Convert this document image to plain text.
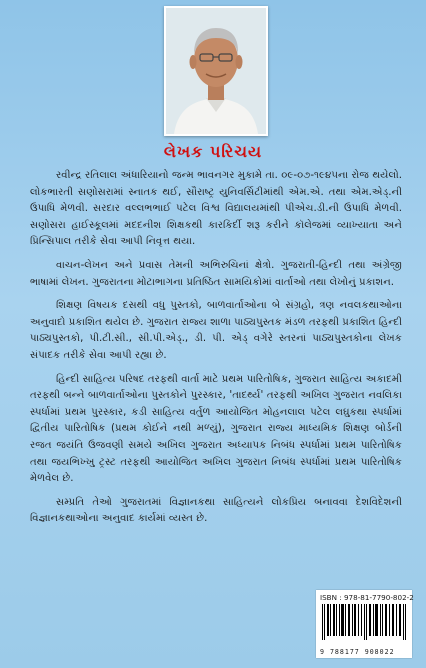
લેખક પરિચય

રવીન્દ્ર રતિલાલ અંધારિયાનો જન્મ ભાવનગર મુકામે તા. ૦૯-૦૭-૧૯૪૫ના રોજ થયેલો. લોકભારતી સણોસરામાં સ્નાતક થઈ, સૌરાષ્ટ્ર યુનિવર્સિટીમાંથી એમ.એ. તથા એમ.એડ્.ની ઉપાધિ મેળવી. સરદાર વલ્લભભાઈ પટેલ વિશ્વ વિદ્યાલયમાંથી પીએચ.ડી.ની ઉપાધિ મેળવી. સણોસરા હાઈસ્કૂલમાં મદદનીશ શિક્ષકથી કારકિર્દી શરૂ કરીને કૉલેજમાં વ્યાખ્યાતા અને પ્રિન્સિપાલ તરીકે સેવા આપી નિવૃત્ત થયા.

વાચન-લેખન અને પ્રવાસ તેમની અભિરુચિનાં ક્ષેત્રો. ગુજરાતી-હિન્દી તથા અંગ્રેજી ભાષામાં લેખન. ગુજરાતના મોટાભાગના પ્રતિષ્ઠિત સામયિકોમાં વાર્તાઓ તથા લેખોનું પ્રકાશન.

શિક્ષણ વિષયક દસથી વધુ પુસ્તકો, બાળવાર્તાઓના બે સંગ્રહો, ત્રણ નવલકથાઓના અનુવાદો પ્રકાશિત થયેલ છે. ગુજરાત રાજ્ય શાળા પાઠ્યપુસ્તક મંડળ તરફથી પ્રકાશિત હિન્દી પાઠ્યપુસ્તકો, પી.ટી.સી., સી.પી.એડ્., ડી. પી. એડ્ વગેરે સ્તરનાં પાઠ્યપુસ્તકોના લેખક સંપાદક તરીકે સેવા આપી રહ્યા છે.

હિન્દી સાહિત્ય પરિષદ તરફથી વાર્તા માટે પ્રથમ પારિતોષિક, ગુજરાત સાહિત્ય અકાદમી તરફથી બન્ને બાળવાર્તાઓના પુસ્તકોને પુરસ્કાર, 'તાદર્થ્ય' તરફથી અખિલ ગુજરાત નવલિકા સ્પર્ધામાં પ્રથમ પુરસ્કાર, કડી સાહિત્ય વર્તુળ આયોજિત મોહનલાલ પટેલ લઘુકથા સ્પર્ધામાં દ્વિતીય પારિતોષિક (પ્રથમ કોઈને નથી મળ્યું), ગુજરાત રાજ્ય માધ્યમિક શિક્ષણ બોર્ડની રજત જયંતિ ઉજવણી સમયે અખિલ ગુજરાત અધ્યાપક નિબંધ સ્પર્ધામાં પ્રથમ પારિતોષિક તથા જયભિખ્ખુ ટ્રસ્ટ તરફથી આયોજિત અખિલ ગુજરાત નિબંધ સ્પર્ધામાં પ્રથમ પારિતોષિક મેળવેલ છે.

સમ્પ્રતિ તેઓ ગુજરાતમાં વિજ્ઞાનકથા સાહિત્યને લોકપ્રિય બનાવવા દેશવિદેશની વિજ્ઞાનકથાઓના અનુવાદ કાર્યમાં વ્યસ્ત છે.

ISBN : 978-81-7790-802-2
9 788177 908022
